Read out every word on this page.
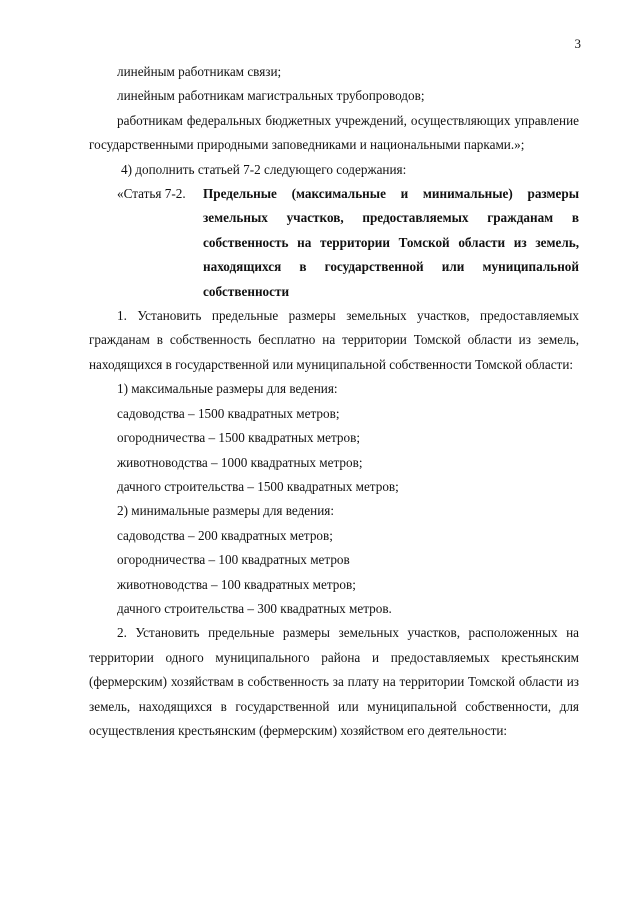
3

линейным работникам связи;

линейным работникам магистральных трубопроводов;

работникам федеральных бюджетных учреждений, осуществляющих управление государственными природными заповедниками и национальными парками.»;

4) дополнить статьей 7-2 следующего содержания:

«Статья 7-2. Предельные (максимальные и минимальные) размеры
земельных участков, предоставляемых гражданам в
собственность на территории Томской области из земель,
находящихся в государственной или муниципальной
собственности

1. Установить предельные размеры земельных участков, предоставляемых гражданам в собственность бесплатно на территории Томской области из земель, находящихся в государственной или муниципальной собственности Томской области:

1) максимальные размеры для ведения:

садоводства – 1500 квадратных метров;

огородничества – 1500 квадратных метров;

животноводства – 1000 квадратных метров;

дачного строительства – 1500 квадратных метров;

2) минимальные размеры для ведения:

садоводства – 200 квадратных метров;

огородничества – 100 квадратных метров

животноводства – 100 квадратных метров;

дачного строительства – 300 квадратных метров.

2. Установить предельные размеры земельных участков, расположенных на территории одного муниципального района и предоставляемых крестьянским (фермерским) хозяйствам в собственность за плату на территории Томской области из земель, находящихся в государственной или муниципальной собственности, для осуществления крестьянским (фермерским) хозяйством его деятельности:
